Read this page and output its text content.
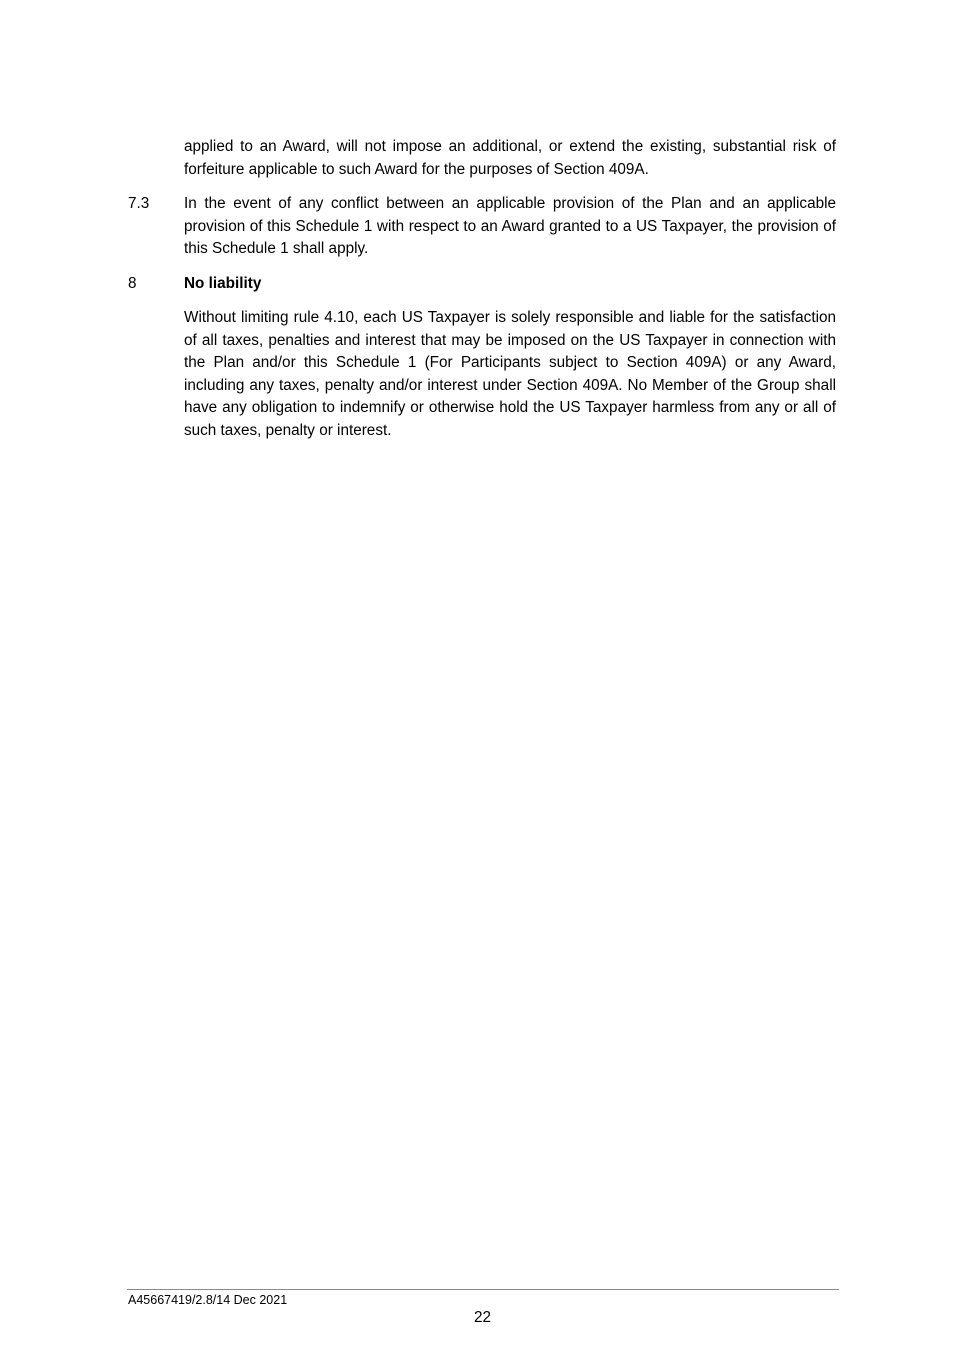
applied to an Award, will not impose an additional, or extend the existing, substantial risk of forfeiture applicable to such Award for the purposes of Section 409A.

7.3 In the event of any conflict between an applicable provision of the Plan and an applicable provision of this Schedule 1 with respect to an Award granted to a US Taxpayer, the provision of this Schedule 1 shall apply.

8	No liability

Without limiting rule 4.10, each US Taxpayer is solely responsible and liable for the satisfaction of all taxes, penalties and interest that may be imposed on the US Taxpayer in connection with the Plan and/or this Schedule 1 (For Participants subject to Section 409A) or any Award, including any taxes, penalty and/or interest under Section 409A. No Member of the Group shall have any obligation to indemnify or otherwise hold the US Taxpayer harmless from any or all of such taxes, penalty or interest.

A45667419/2.8/14 Dec 2021

22
